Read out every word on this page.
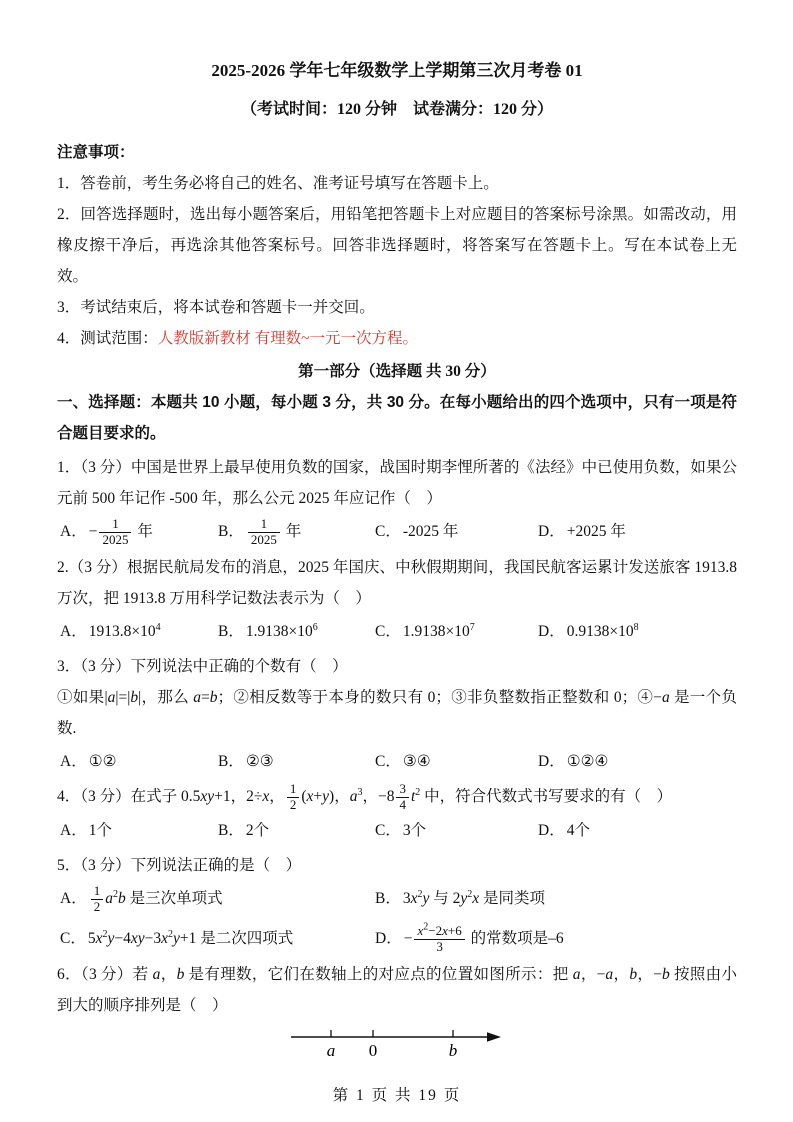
2025-2026 学年七年级数学上学期第三次月考卷 01
（考试时间：120 分钟　试卷满分：120 分）
注意事项：

1．答卷前，考生务必将自己的姓名、准考证号填写在答题卡上。

2．回答选择题时，选出每小题答案后，用铅笔把答题卡上对应题目的答案标号涂黑。如需改动，用橡皮擦干净后，再选涂其他答案标号。回答非选择题时，将答案写在答题卡上。写在本试卷上无效。

3．考试结束后，将本试卷和答题卡一并交回。

4．测试范围：人教版新教材 有理数~一元一次方程。

第一部分（选择题 共 30 分）

一、选择题：本题共 10 小题，每小题 3 分，共 30 分。在每小题给出的四个选项中，只有一项是符合题目要求的。

1．（3 分）中国是世界上最早使用负数的国家，战国时期李悝所著的《法经》中已使用负数，如果公元前 500 年记作 -500 年，那么公元 2025 年应记作（　）

A． − $\frac{1}{2025}$ 年	B． $\frac{1}{2025}$ 年	C． -2025 年	D． +2025 年

2.（3 分）根据民航局发布的消息，2025 年国庆、中秋假期期间，我国民航客运累计发送旅客 1913.8 万次，把 1913.8 万用科学记数法表示为（　）

A． $1913.8\times 10^4$	B． $1.9138\times 10^6$	C． $1.9138\times 10^7$	D． $0.9138\times 10^8$

3．（3 分）下列说法中正确的个数有（　）

①如果|a|=|b|，那么 a=b；②相反数等于本身的数只有 0；③非负整数指正整数和 0；④−a 是一个负数.

A． ①②	B． ②③	C． ③④	D． ①②④

4．（3 分）在式子 0.5xy+1，2÷x， $\frac{1}{2} (x+y)$，$a^3$，$-8 \frac{3}{4} t^2$ 中，符合代数式书写要求的有（　）

A． 1个	B． 2个	C． 3个	D． 4个

5．（3 分）下列说法正确的是（　）

A． $\frac{1}{2} a^2b$ 是三次单项式	B． $3x^2y$ 与 $2y^2x$ 是同类项
C． $5x^2y-4xy-3x^2y+1$ 是二次四项式	D． − $\frac{x^2-2x+6}{3}$ 的常数项是–6

6．（3 分）若 a，b 是有理数，它们在数轴上的对应点的位置如图所示：把 a，−a，b，−b 按照由小到大的顺序排列是（　）

a 0	b
第 1 页 共 19 页
